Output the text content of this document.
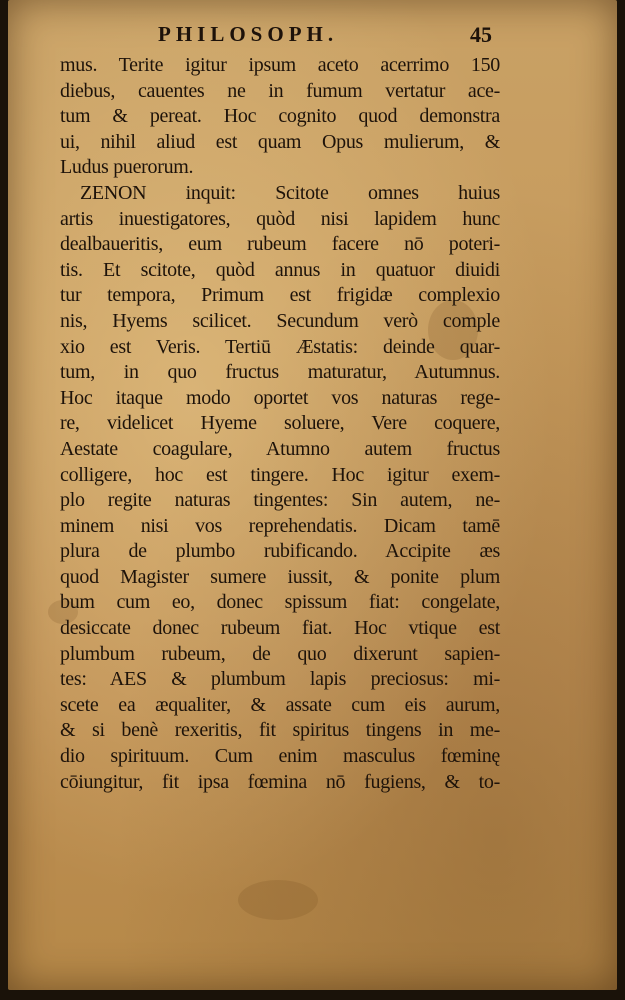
PHILOSOPH.	45
mus. Terite igitur ipsum aceto acerrimo 150
diebus, cauentes ne in fumum vertatur ace-
tum & pereat. Hoc cognito quod demonstra
ui, nihil aliud est quam Opus mulierum, &
Ludus puerorum.
ZENON inquit: Scitote omnes huius
artis inuestigatores, quòd nisi lapidem hunc
dealbaueritis, eum rubeum facere nō poteri-
tis. Et scitote, quòd annus in quatuor diuidi
tur tempora, Primum est frigidæ complexio
nis, Hyems scilicet. Secundum verò comple
xio est Veris. Tertiū Æstatis: deinde quar-
tum, in quo fructus maturatur, Autumnus.
Hoc itaque modo oportet vos naturas rege-
re, videlicet Hyeme soluere, Vere coquere,
Aestate coagulare, Atumno autem fructus
colligere, hoc est tingere. Hoc igitur exem-
plo regite naturas tingentes: Sin autem, ne-
minem nisi vos reprehendatis. Dicam tamē
plura de plumbo rubificando. Accipite æs
quod Magister sumere iussit, & ponite plum
bum cum eo, donec spissum fiat: congelate,
desiccate donec rubeum fiat. Hoc vtique est
plumbum rubeum, de quo dixerunt sapien-
tes: AES & plumbum lapis preciosus: mi-
scete ea æqualiter, & assate cum eis aurum,
& si benè rexeritis, fit spiritus tingens in me-
dio spirituum. Cum enim masculus fœminę
cōiungitur, fit ipsa fœmina nō fugiens, & to-
